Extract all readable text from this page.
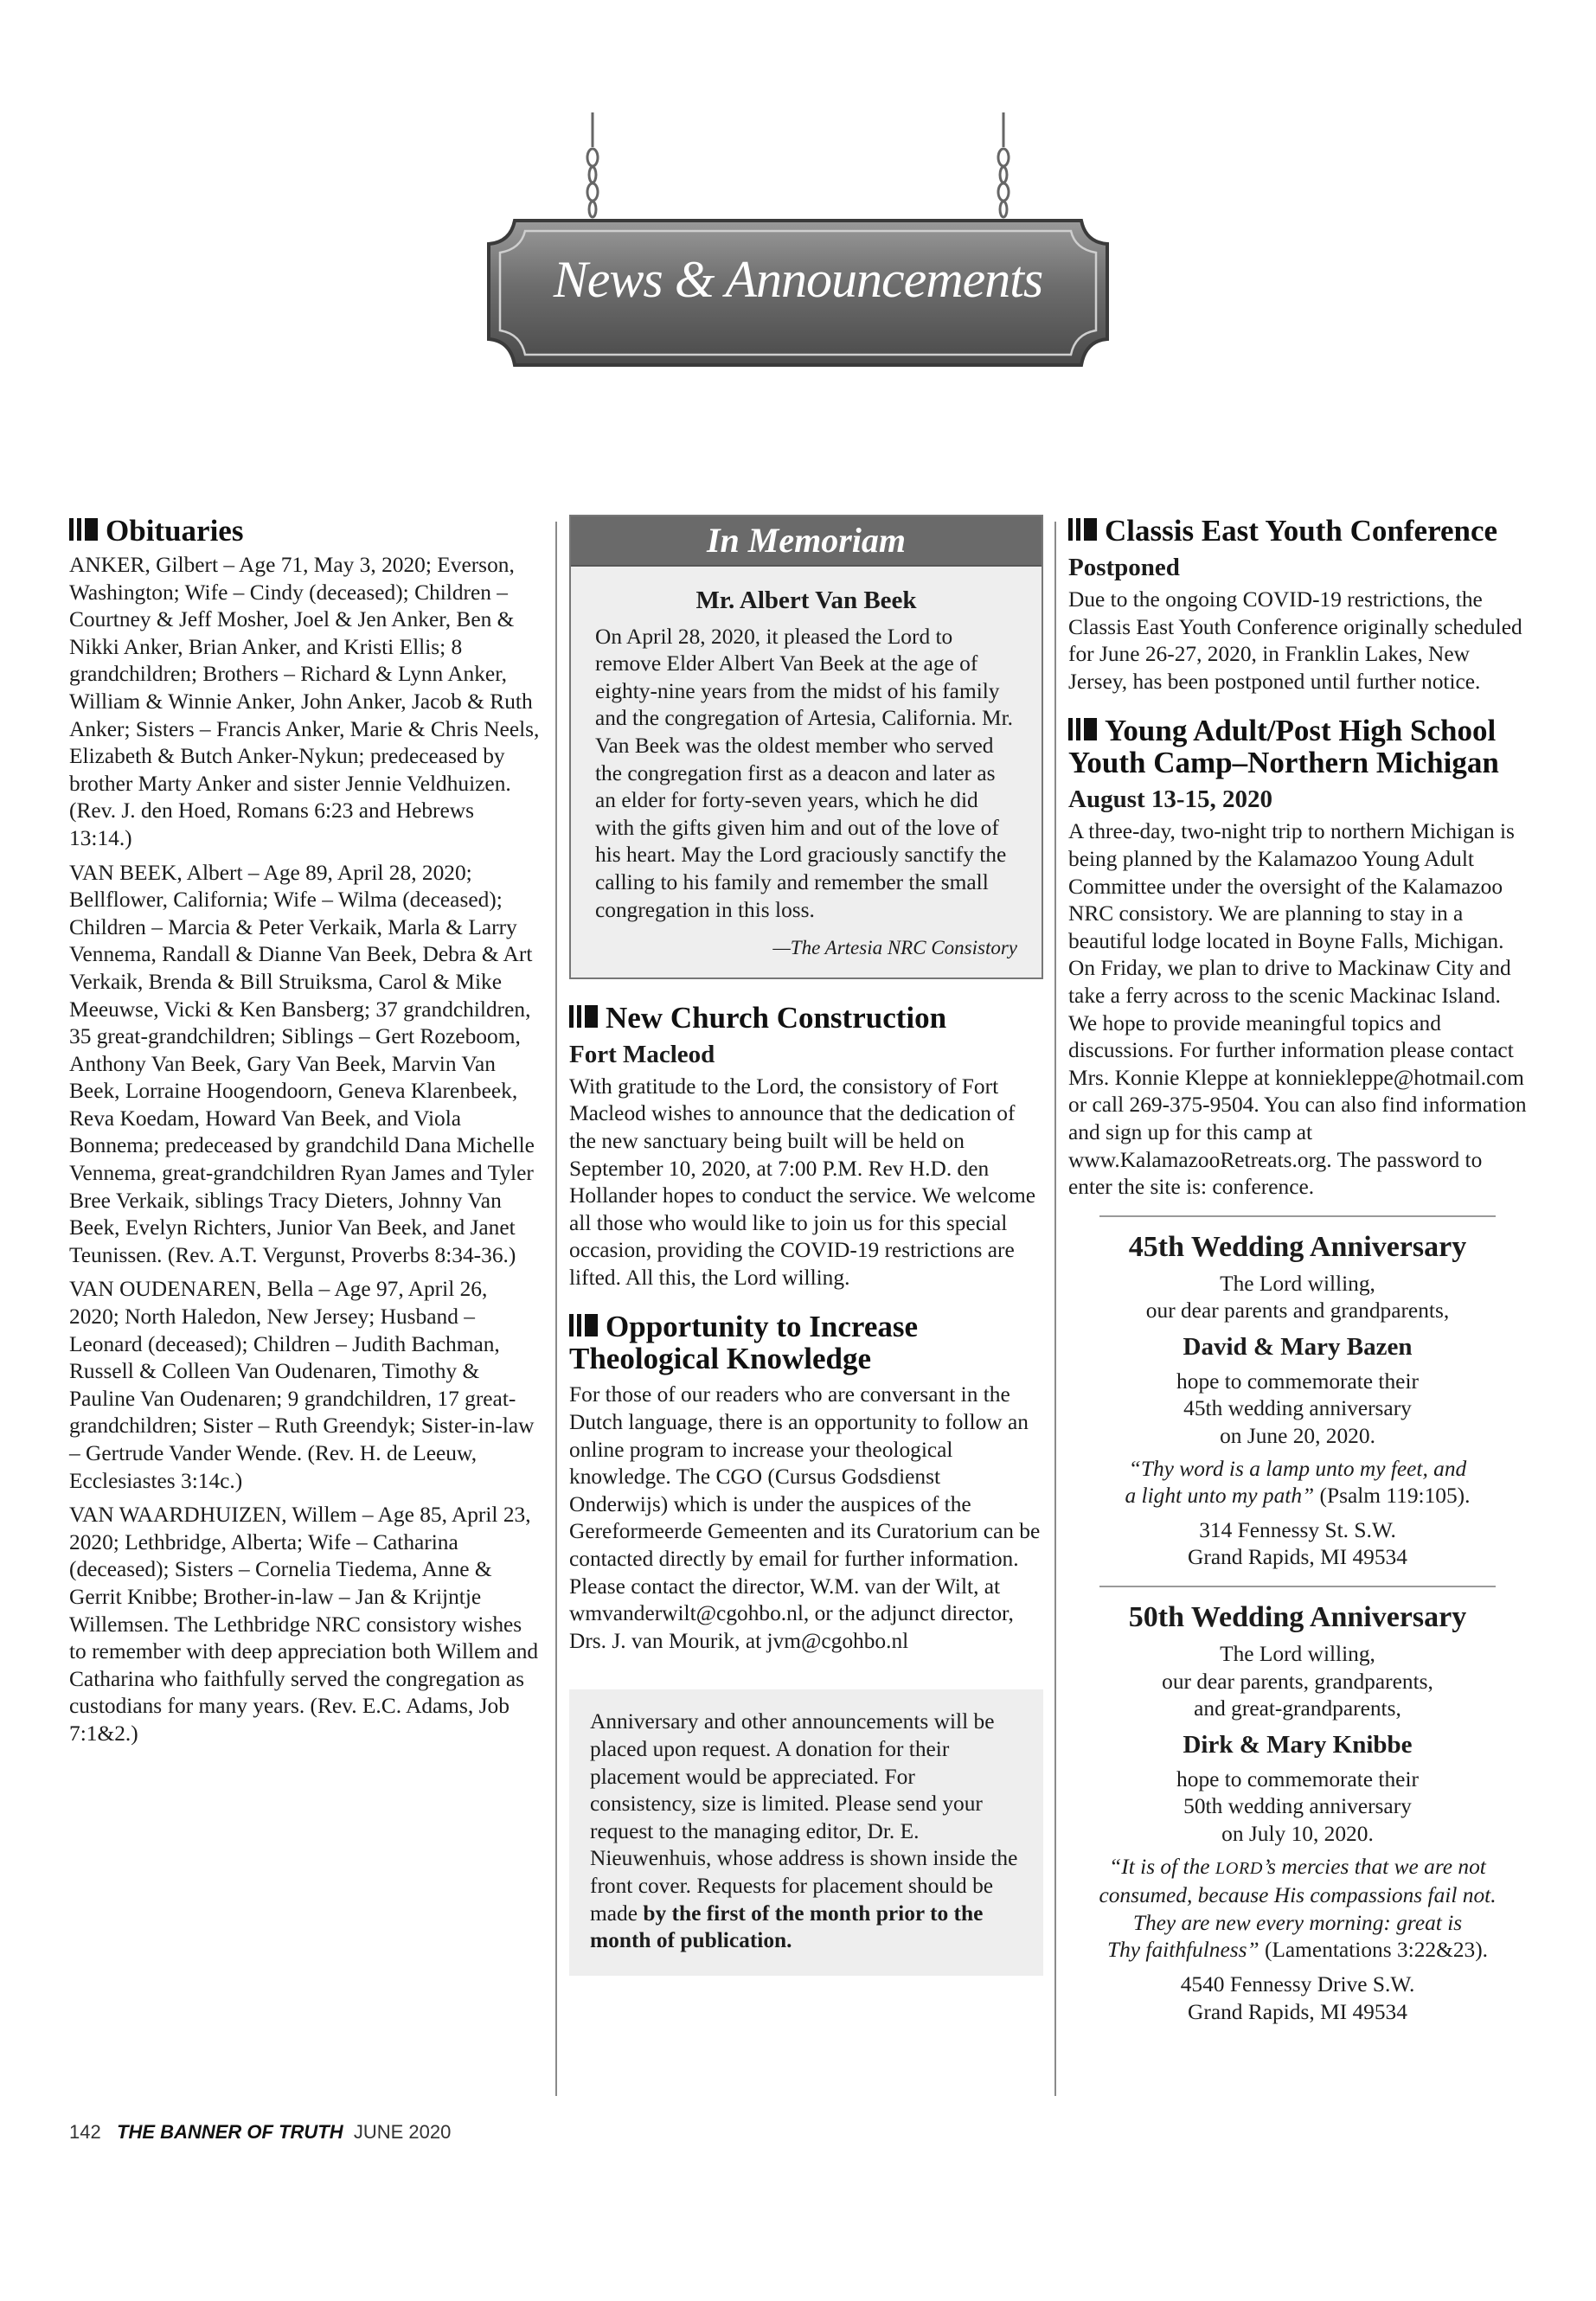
News & Announcements
Obituaries

ANKER, Gilbert – Age 71, May 3, 2020; Everson, Washington; Wife – Cindy (deceased); Children – Courtney & Jeff Mosher, Joel & Jen Anker, Ben & Nikki Anker, Brian Anker, and Kristi Ellis; 8 grandchildren; Brothers – Richard & Lynn Anker, William & Winnie Anker, John Anker, Jacob & Ruth Anker; Sisters – Francis Anker, Marie & Chris Neels, Elizabeth & Butch Anker-Nykun; predeceased by brother Marty Anker and sister Jennie Veldhuizen. (Rev. J. den Hoed, Romans 6:23 and Hebrews 13:14.)

VAN BEEK, Albert – Age 89, April 28, 2020; Bellflower, California; Wife – Wilma (deceased); Children – Marcia & Peter Verkaik, Marla & Larry Vennema, Randall & Dianne Van Beek, Debra & Art Verkaik, Brenda & Bill Struiksma, Carol & Mike Meeuwse, Vicki & Ken Bansberg; 37 grandchildren, 35 great-grandchildren; Siblings – Gert Rozeboom, Anthony Van Beek, Gary Van Beek, Marvin Van Beek, Lorraine Hoogendoorn, Geneva Klarenbeek, Reva Koedam, Howard Van Beek, and Viola Bonnema; predeceased by grandchild Dana Michelle Vennema, great-grandchildren Ryan James and Tyler Bree Verkaik, siblings Tracy Dieters, Johnny Van Beek, Evelyn Richters, Junior Van Beek, and Janet Teunissen. (Rev. A.T. Vergunst, Proverbs 8:34-36.)

VAN OUDENAREN, Bella – Age 97, April 26, 2020; North Haledon, New Jersey; Husband – Leonard (deceased); Children – Judith Bachman, Russell & Colleen Van Oudenaren, Timothy & Pauline Van Oudenaren; 9 grandchildren, 17 great-grandchildren; Sister – Ruth Greendyk; Sister-in-law – Gertrude Vander Wende. (Rev. H. de Leeuw, Ecclesiastes 3:14c.)

VAN WAARDHUIZEN, Willem – Age 85, April 23, 2020; Lethbridge, Alberta; Wife – Catharina (deceased); Sisters – Cornelia Tiedema, Anne & Gerrit Knibbe; Brother-in-law – Jan & Krijntje Willemsen. The Lethbridge NRC consistory wishes to remember with deep appreciation both Willem and Catharina who faithfully served the congregation as custodians for many years. (Rev. E.C. Adams, Job 7:1&2.)

In Memoriam
Mr. Albert Van Beek

On April 28, 2020, it pleased the Lord to remove Elder Albert Van Beek at the age of eighty-nine years from the midst of his family and the congregation of Artesia, California. Mr. Van Beek was the oldest member who served the congregation first as a deacon and later as an elder for forty-seven years, which he did with the gifts given him and out of the love of his heart. May the Lord graciously sanctify the calling to his family and remember the small congregation in this loss.

—The Artesia NRC Consistory
New Church Construction
Fort Macleod

With gratitude to the Lord, the consistory of Fort Macleod wishes to announce that the dedication of the new sanctuary being built will be held on September 10, 2020, at 7:00 P.M. Rev H.D. den Hollander hopes to conduct the service. We welcome all those who would like to join us for this special occasion, providing the COVID-19 restrictions are lifted. All this, the Lord willing.

Opportunity to Increase Theological Knowledge

For those of our readers who are conversant in the Dutch language, there is an opportunity to follow an online program to increase your theological knowledge. The CGO (Cursus Godsdienst Onderwijs) which is under the auspices of the Gereformeerde Gemeenten and its Curatorium can be contacted directly by email for further information. Please contact the director, W.M. van der Wilt, at wmvanderwilt@cgohbo.nl, or the adjunct director, Drs. J. van Mourik, at jvm@cgohbo.nl

Anniversary and other announcements will be placed upon request. A donation for their placement would be appreciated. For consistency, size is limited. Please send your request to the managing editor, Dr. E. Nieuwenhuis, whose address is shown inside the front cover. Requests for placement should be made by the first of the month prior to the month of publication.
Classis East Youth Conference
Postponed

Due to the ongoing COVID-19 restrictions, the Classis East Youth Conference originally scheduled for June 26-27, 2020, in Franklin Lakes, New Jersey, has been postponed until further notice.

Young Adult/Post High School Youth Camp–Northern Michigan
August 13-15, 2020

A three-day, two-night trip to northern Michigan is being planned by the Kalamazoo Young Adult Committee under the oversight of the Kalamazoo NRC consistory. We are planning to stay in a beautiful lodge located in Boyne Falls, Michigan. On Friday, we plan to drive to Mackinaw City and take a ferry across to the scenic Mackinac Island. We hope to provide meaningful topics and discussions. For further information please contact Mrs. Konnie Kleppe at konniekleppe@hotmail.com or call 269-375-9504. You can also find information and sign up for this camp at www.KalamazooRetreats.org. The password to enter the site is: conference.

45th Wedding Anniversary
The Lord willing,
our dear parents and grandparents,
David & Mary Bazen
hope to commemorate their
45th wedding anniversary
on June 20, 2020.
“Thy word is a lamp unto my feet, and
a light unto my path” (Psalm 119:105).
314 Fennessy St. S.W.
Grand Rapids, MI 49534
50th Wedding Anniversary
The Lord willing,
our dear parents, grandparents,
and great-grandparents,
Dirk & Mary Knibbe
hope to commemorate their
50th wedding anniversary
on July 10, 2020.
“It is of the LORD’s mercies that we are not
consumed, because His compassions fail not.
They are new every morning: great is
Thy faithfulness” (Lamentations 3:22&23).
4540 Fennessy Drive S.W.
Grand Rapids, MI 49534
142 THE BANNER OF TRUTH JUNE 2020
